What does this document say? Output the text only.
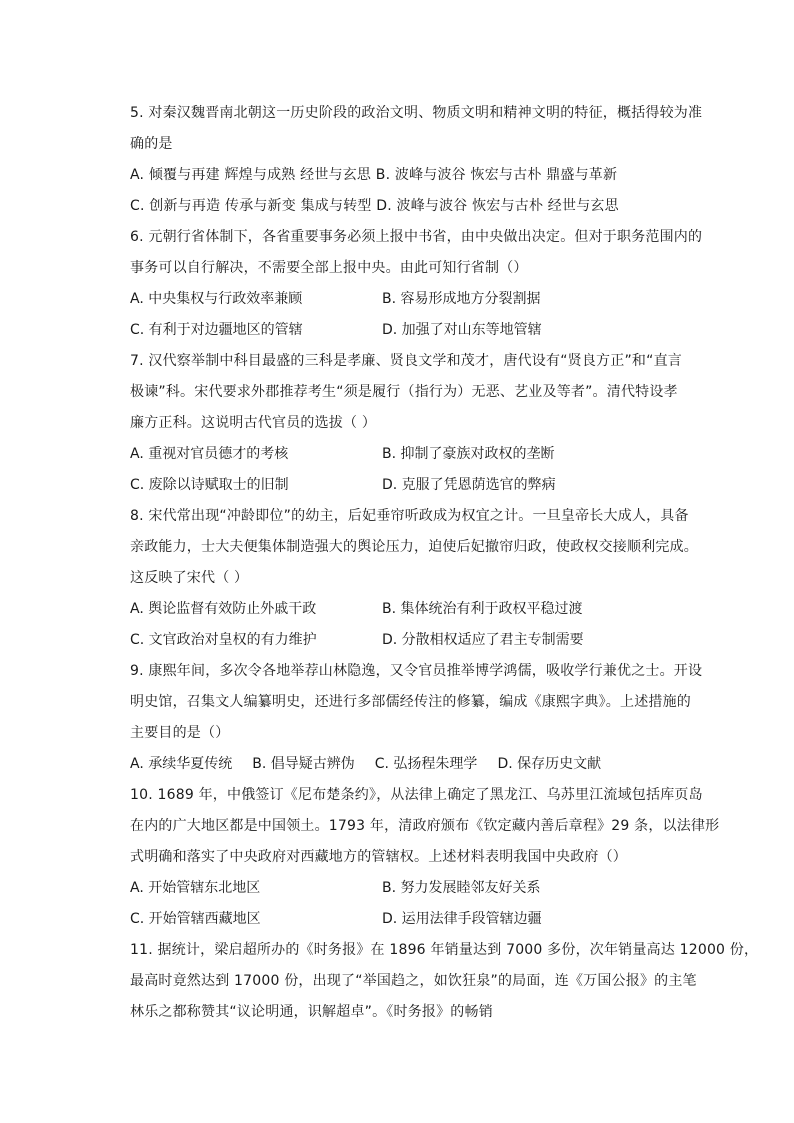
5. 对秦汉魏晋南北朝这一历史阶段的政治文明、物质文明和精神文明的特征，概括得较为准
确的是
A. 倾覆与再建 辉煌与成熟 经世与玄思 B. 波峰与波谷 恢宏与古朴 鼎盛与革新
C. 创新与再造 传承与新变 集成与转型 D. 波峰与波谷 恢宏与古朴 经世与玄思
6. 元朝行省体制下，各省重要事务必须上报中书省，由中央做出决定。但对于职务范围内的
事务可以自行解决，不需要全部上报中央。由此可知行省制（）
A. 中央集权与行政效率兼顾	B. 容易形成地方分裂割据
C. 有利于对边疆地区的管辖	D. 加强了对山东等地管辖
7. 汉代察举制中科目最盛的三科是孝廉、贤良文学和茂才，唐代设有“贤良方正”和“直言
极谏”科。宋代要求外郡推荐考生“须是履行（指行为）无恶、艺业及等者”。清代特设孝
廉方正科。这说明古代官员的选拔（ ）
A. 重视对官员德才的考核	B. 抑制了豪族对政权的垄断
C. 废除以诗赋取士的旧制	D. 克服了凭恩荫选官的弊病
8. 宋代常出现“冲龄即位”的幼主，后妃垂帘听政成为权宜之计。一旦皇帝长大成人，具备
亲政能力，士大夫便集体制造强大的舆论压力，迫使后妃撤帘归政，使政权交接顺利完成。
这反映了宋代（ ）
A. 舆论监督有效防止外戚干政	B. 集体统治有利于政权平稳过渡
C. 文官政治对皇权的有力维护	D. 分散相权适应了君主专制需要
9. 康熙年间，多次令各地举荐山林隐逸，又令官员推举博学鸿儒，吸收学行兼优之士。开设
明史馆，召集文人编纂明史，还进行多部儒经传注的修纂，编成《康熙字典》。上述措施的
主要目的是（）
A. 承续华夏传统 B. 倡导疑古辨伪 C. 弘扬程朱理学 D. 保存历史文献
10. 1689 年，中俄签订《尼布楚条约》，从法律上确定了黑龙江、乌苏里江流域包括库页岛
在内的广大地区都是中国领土。1793 年，清政府颁布《钦定藏内善后章程》29 条，以法律形
式明确和落实了中央政府对西藏地方的管辖权。上述材料表明我国中央政府（）
A. 开始管辖东北地区	B. 努力发展睦邻友好关系
C. 开始管辖西藏地区	D. 运用法律手段管辖边疆
11. 据统计，梁启超所办的《时务报》在 1896 年销量达到 7000 多份，次年销量高达 12000 份，
最高时竟然达到 17000 份，出现了“举国趋之，如饮狂泉”的局面，连《万国公报》的主笔
林乐之都称赞其“议论明通，识解超卓”。《时务报》的畅销
